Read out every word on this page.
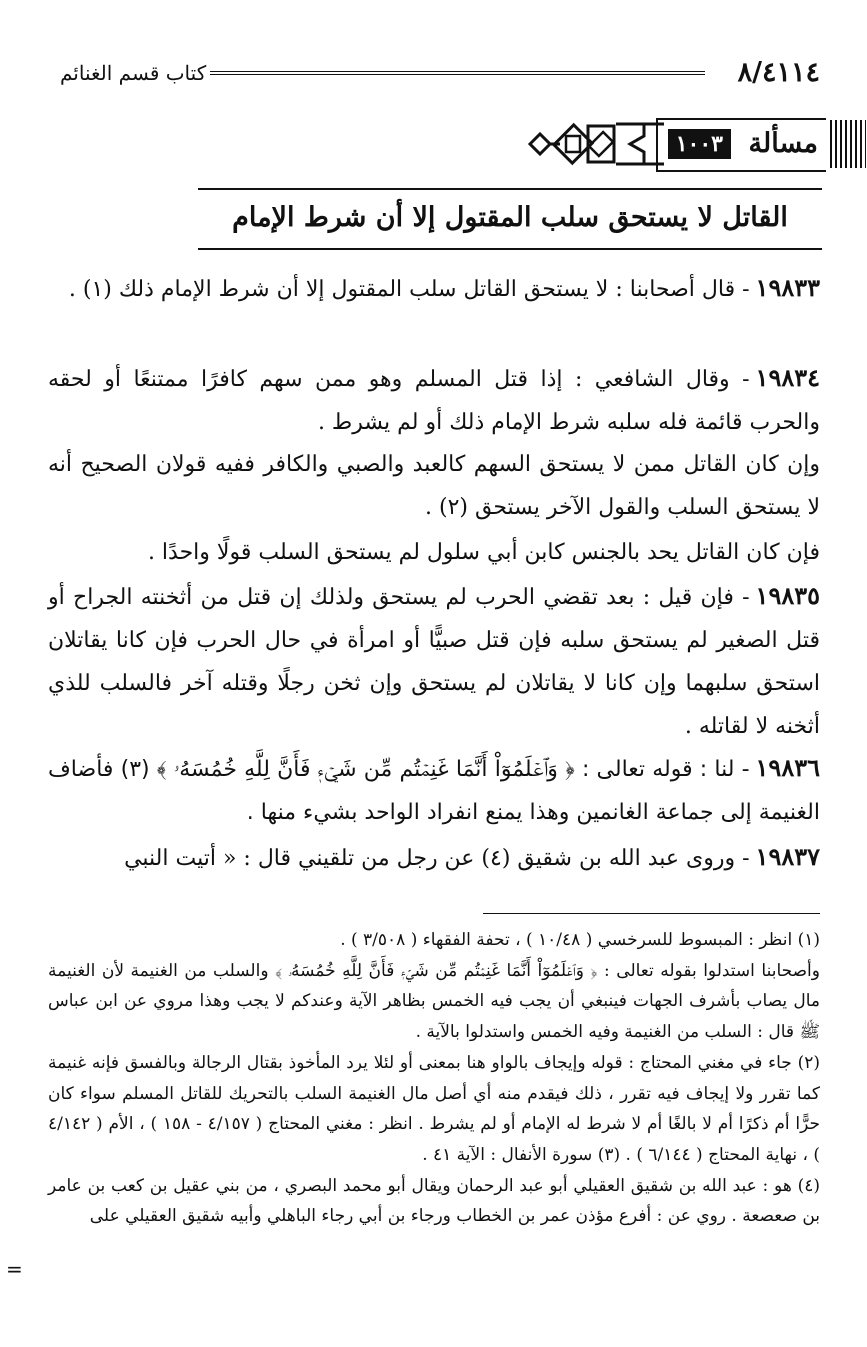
٨/٤١١٤
كتاب قسم الغنائم
مسألة
١٠٠٣
القاتل لا يستحق سلب المقتول إلا أن شرط الإمام

١٩٨٣٣- قال أصحابنا : لا يستحق القاتل سلب المقتول إلا أن شرط الإمام ذلك (١) .

١٩٨٣٤- وقال الشافعي : إذا قتل المسلم وهو ممن سهم كافرًا ممتنعًا أو لحقه والحرب قائمة فله سلبه شرط الإمام ذلك أو لم يشرط .

وإن كان القاتل ممن لا يستحق السهم كالعبد والصبي والكافر ففيه قولان الصحيح أنه لا يستحق السلب والقول الآخر يستحق (٢) .

فإن كان القاتل يحد بالجنس كابن أبي سلول لم يستحق السلب قولًا واحدًا .

١٩٨٣٥- فإن قيل : بعد تقضي الحرب لم يستحق ولذلك إن قتل من أثخنته الجراح أو قتل الصغير لم يستحق سلبه فإن قتل صبيًّا أو امرأة في حال الحرب فإن كانا يقاتلان استحق سلبهما وإن كانا لا يقاتلان لم يستحق وإن ثخن رجلًا وقتله آخر فالسلب للذي أثخنه لا لقاتله .

١٩٨٣٦- لنا : قوله تعالى : ﴿ وَٱعۡلَمُوٓاْ أَنَّمَا غَنِمۡتُم مِّن شَيۡءٖ فَأَنَّ لِلَّهِ خُمُسَهُۥ ﴾ (٣) فأضاف الغنيمة إلى جماعة الغانمين وهذا يمنع انفراد الواحد بشيء منها .

١٩٨٣٧- وروى عبد الله بن شقيق (٤) عن رجل من تلقيني قال : « أتيت النبي

(١) انظر : المبسوط للسرخسي ( ١٠/٤٨ ) ، تحفة الفقهاء ( ٣/٥٠٨ ) .

وأصحابنا استدلوا بقوله تعالى : ﴿ وَٱعۡلَمُوٓاْ أَنَّمَا غَنِمۡتُم مِّن شَيۡءٖ فَأَنَّ لِلَّهِ خُمُسَهُۥ ﴾ والسلب من الغنيمة لأن الغنيمة مال يصاب بأشرف الجهات فينبغي أن يجب فيه الخمس بظاهر الآية وعندكم لا يجب وهذا مروي عن ابن عباس ﷺ قال : السلب من الغنيمة وفيه الخمس واستدلوا بالآية .

(٢) جاء في مغني المحتاج : قوله وإيجاف بالواو هنا بمعنى أو لئلا يرد المأخوذ بقتال الرجالة وبالفسق فإنه غنيمة كما تقرر ولا إيجاف فيه تقرر ، ذلك فيقدم منه أي أصل مال الغنيمة السلب بالتحريك للقاتل المسلم سواء كان حرًّا أم ذكرًا أم لا بالغًا أم لا شرط له الإمام أو لم يشرط . انظر : مغني المحتاج ( ٤/١٥٧ - ١٥٨ ) ، الأم ( ٤/١٤٢ ) ، نهاية المحتاج ( ٦/١٤٤ ) . (٣) سورة الأنفال : الآية ٤١ .

(٤) هو : عبد الله بن شقيق العقيلي أبو عبد الرحمان ويقال أبو محمد البصري ، من بني عقيل بن كعب بن عامر بن صعصعة . روي عن : أفرع مؤذن عمر بن الخطاب ورجاء بن أبي رجاء الباهلي وأبيه شقيق العقيلي على

=
